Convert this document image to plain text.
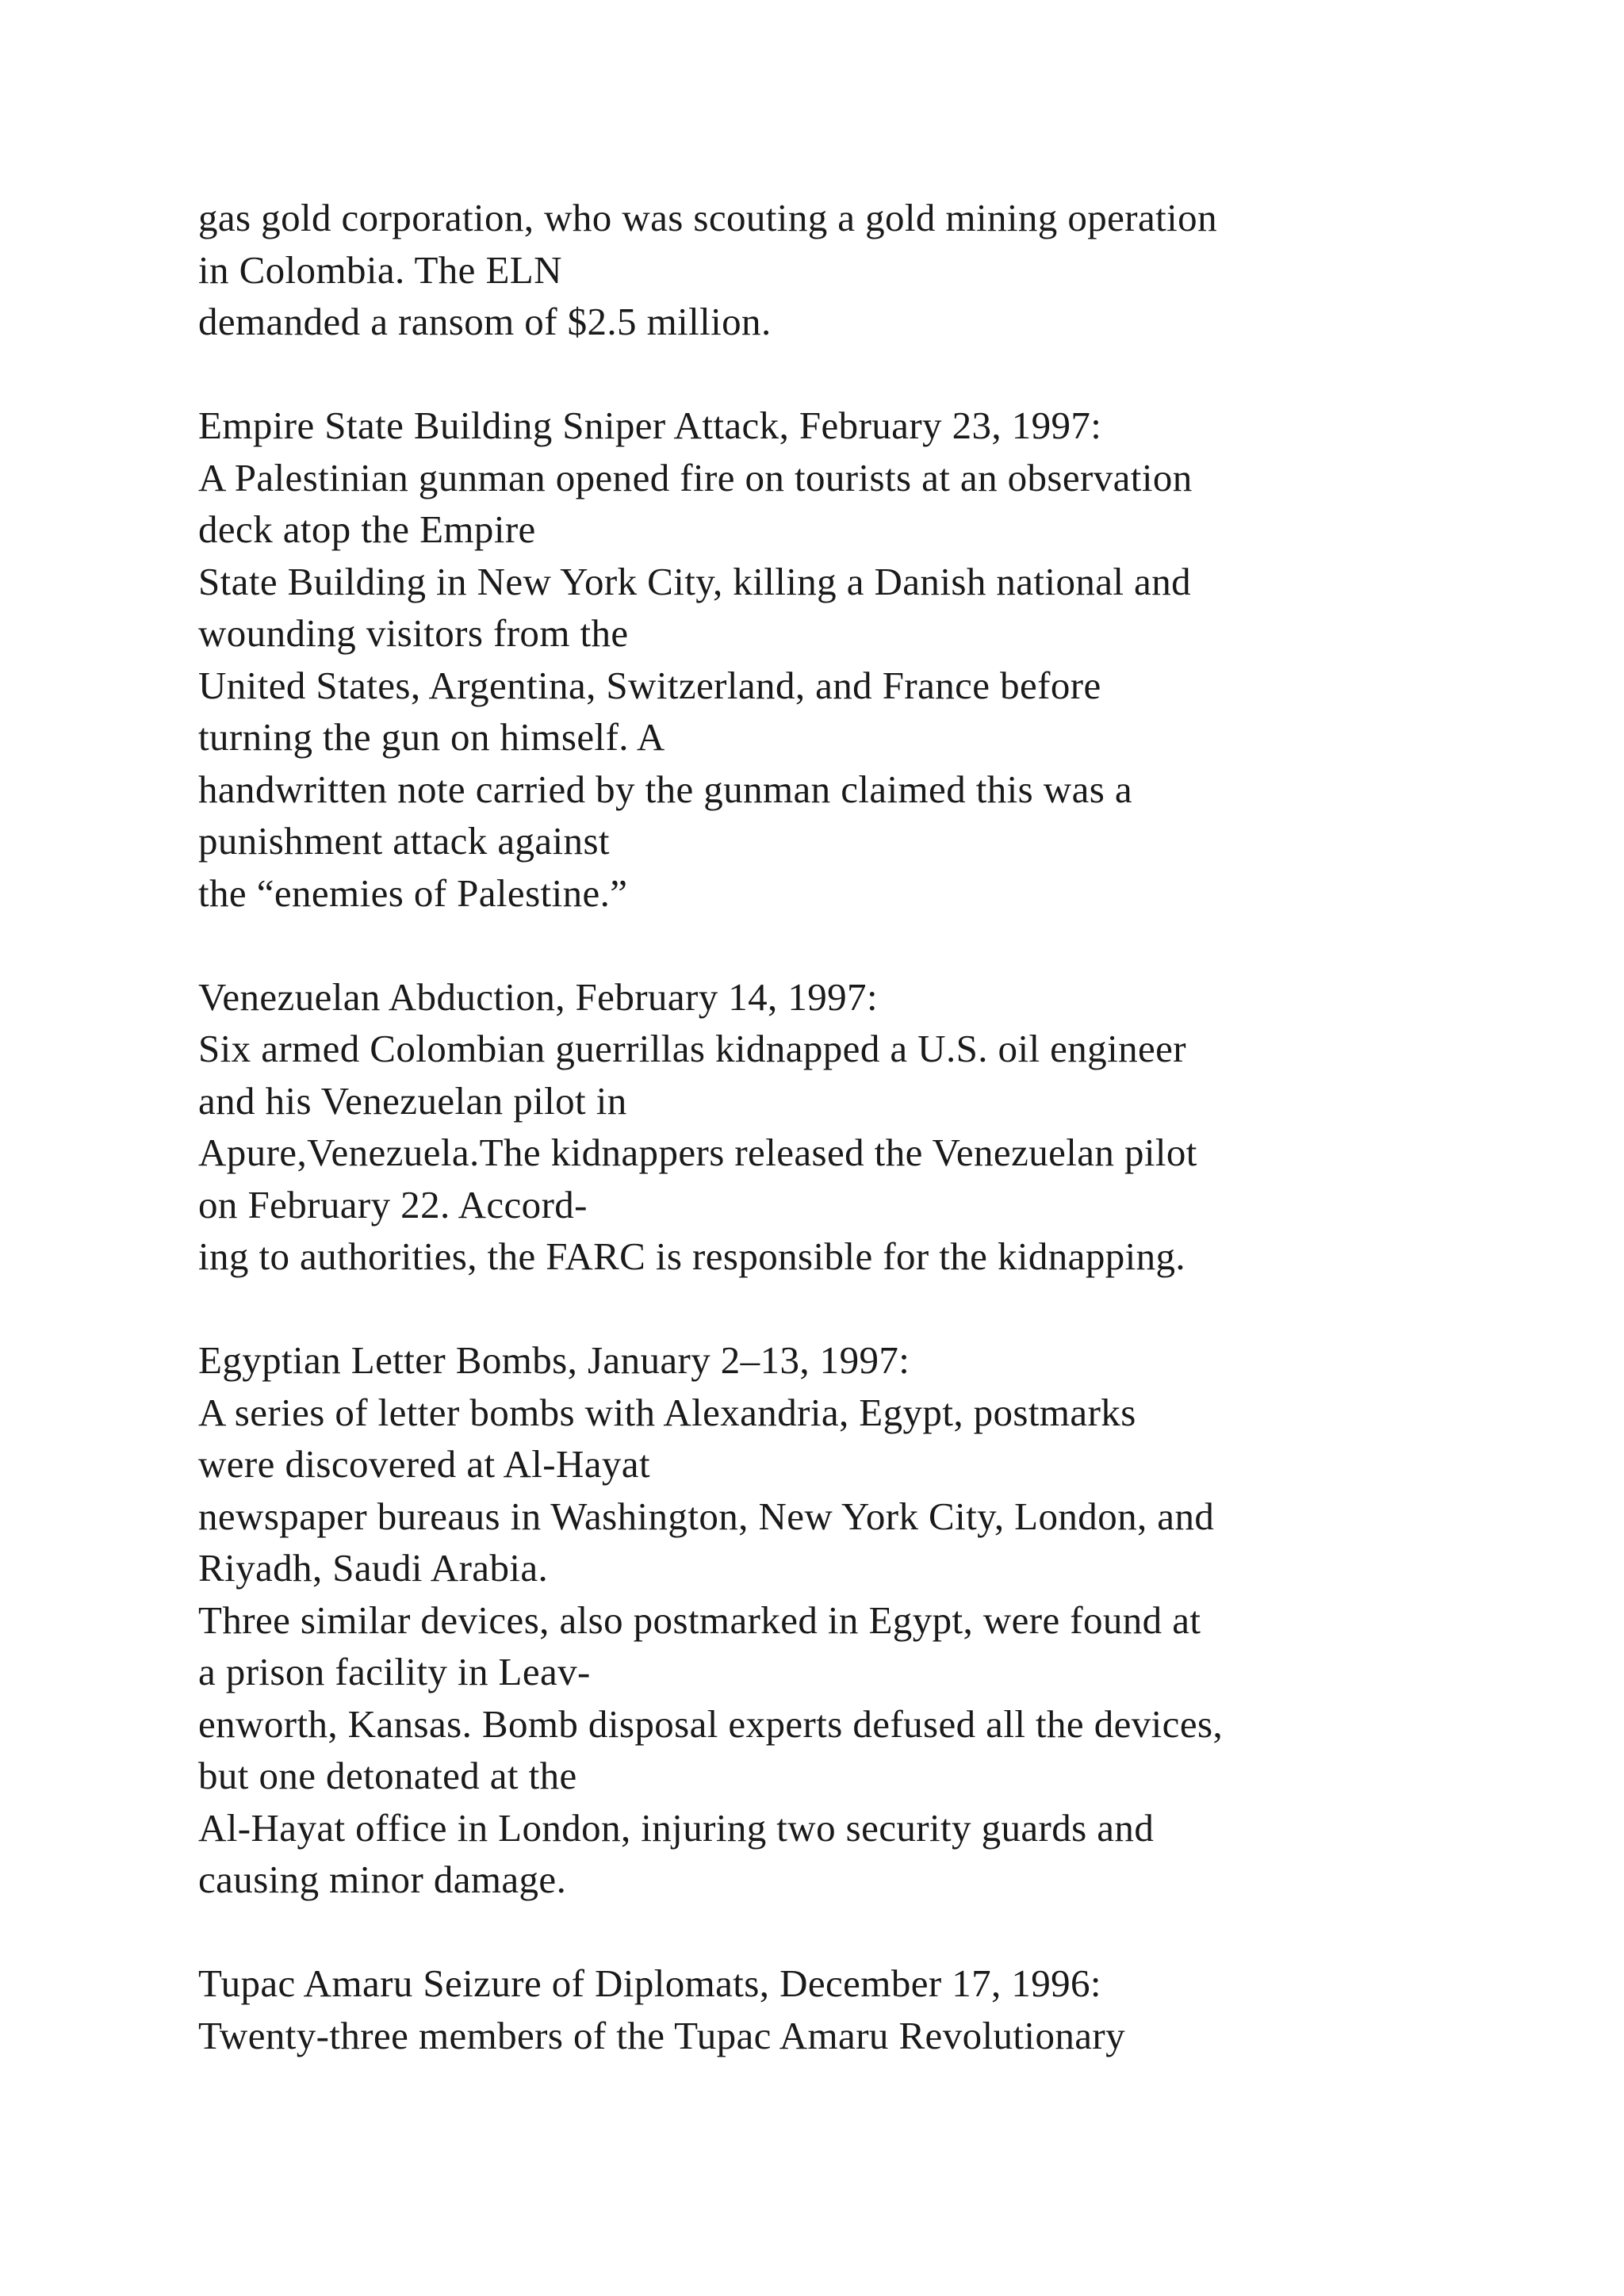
gas gold corporation, who was scouting a gold mining operation
in Colombia. The ELN
demanded a ransom of $2.5 million.
Empire State Building Sniper Attack, February 23, 1997:
A Palestinian gunman opened fire on tourists at an observation
deck atop the Empire
State Building in New York City, killing a Danish national and
wounding visitors from the
United States, Argentina, Switzerland, and France before
turning the gun on himself. A
handwritten note carried by the gunman claimed this was a
punishment attack against
the “enemies of Palestine.”
Venezuelan Abduction, February 14, 1997:
Six armed Colombian guerrillas kidnapped a U.S. oil engineer
and his Venezuelan pilot in
Apure,Venezuela.The kidnappers released the Venezuelan pilot
on February 22. Accord-
ing to authorities, the FARC is responsible for the kidnapping.
Egyptian Letter Bombs, January 2–13, 1997:
A series of letter bombs with Alexandria, Egypt, postmarks
were discovered at Al-Hayat
newspaper bureaus in Washington, New York City, London, and
Riyadh, Saudi Arabia.
Three similar devices, also postmarked in Egypt, were found at
a prison facility in Leav-
enworth, Kansas. Bomb disposal experts defused all the devices,
but one detonated at the
Al-Hayat office in London, injuring two security guards and
causing minor damage.
Tupac Amaru Seizure of Diplomats, December 17, 1996:
Twenty-three members of the Tupac Amaru Revolutionary
